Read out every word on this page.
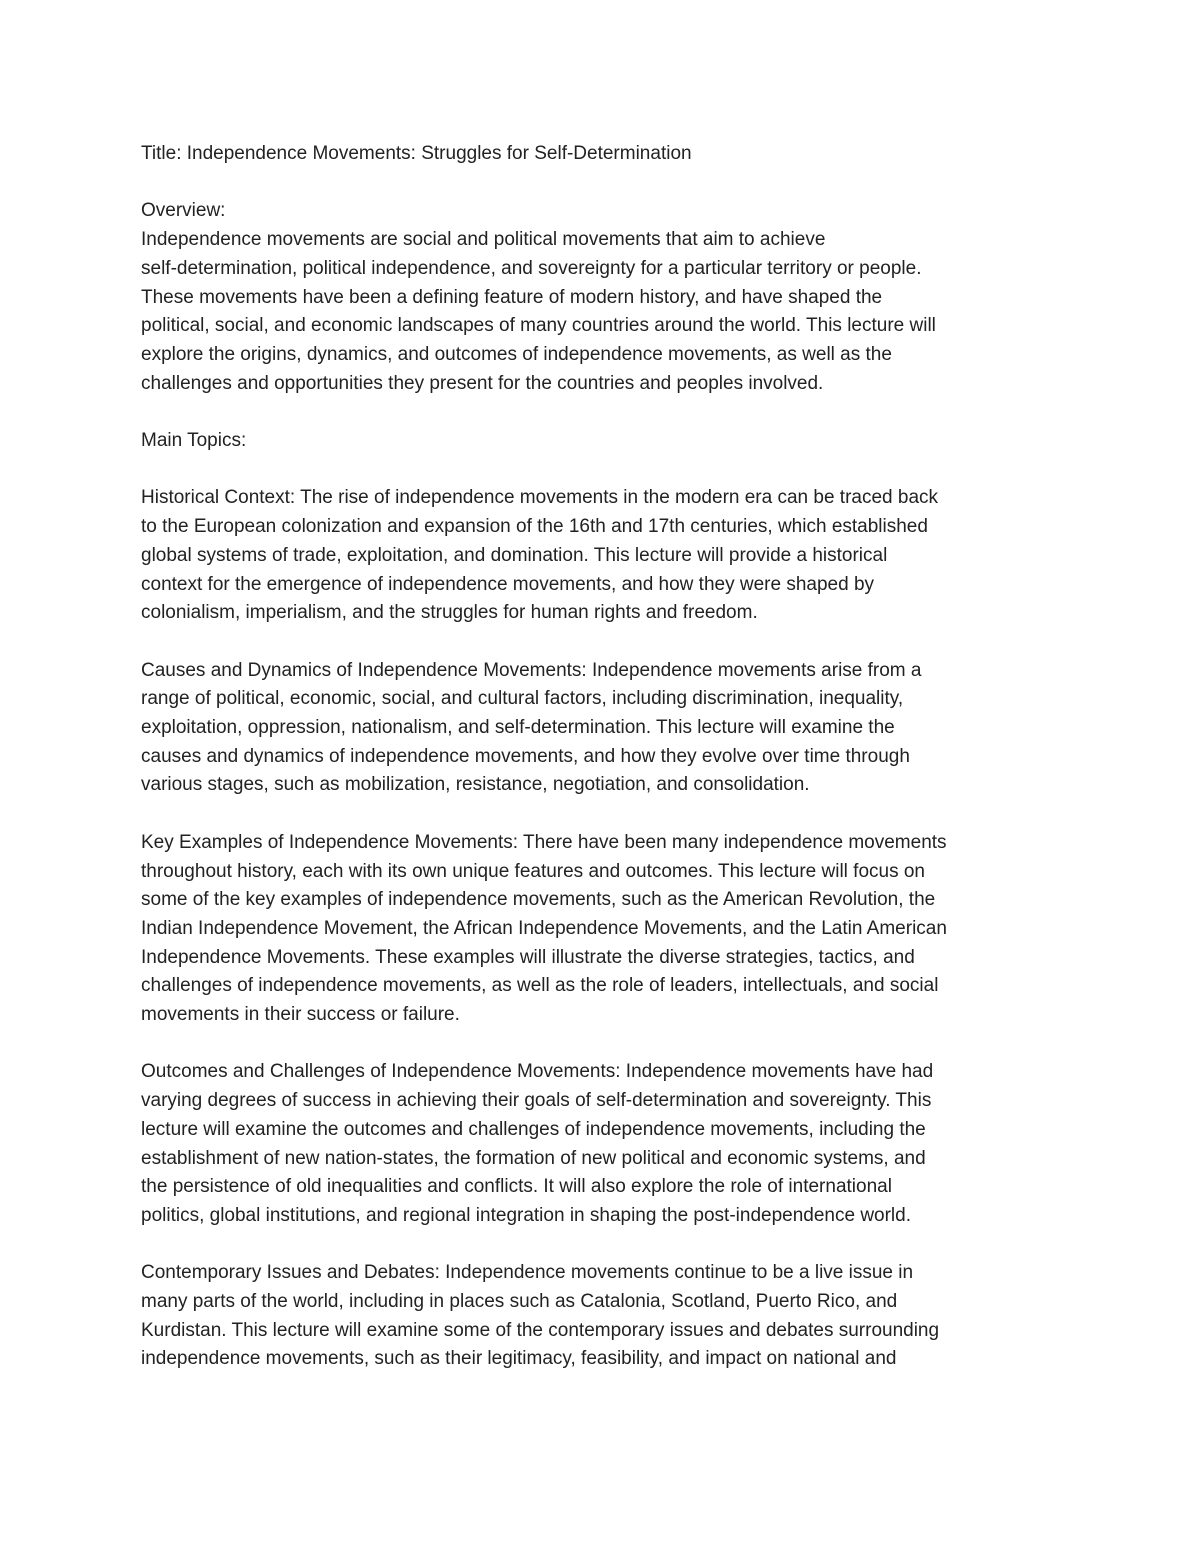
Title: Independence Movements: Struggles for Self-Determination

Overview:

Independence movements are social and political movements that aim to achieve

self-determination, political independence, and sovereignty for a particular territory or people.

These movements have been a defining feature of modern history, and have shaped the

political, social, and economic landscapes of many countries around the world. This lecture will

explore the origins, dynamics, and outcomes of independence movements, as well as the

challenges and opportunities they present for the countries and peoples involved.

Main Topics:

Historical Context: The rise of independence movements in the modern era can be traced back

to the European colonization and expansion of the 16th and 17th centuries, which established

global systems of trade, exploitation, and domination. This lecture will provide a historical

context for the emergence of independence movements, and how they were shaped by

colonialism, imperialism, and the struggles for human rights and freedom.

Causes and Dynamics of Independence Movements: Independence movements arise from a

range of political, economic, social, and cultural factors, including discrimination, inequality,

exploitation, oppression, nationalism, and self-determination. This lecture will examine the

causes and dynamics of independence movements, and how they evolve over time through

various stages, such as mobilization, resistance, negotiation, and consolidation.

Key Examples of Independence Movements: There have been many independence movements

throughout history, each with its own unique features and outcomes. This lecture will focus on

some of the key examples of independence movements, such as the American Revolution, the

Indian Independence Movement, the African Independence Movements, and the Latin American

Independence Movements. These examples will illustrate the diverse strategies, tactics, and

challenges of independence movements, as well as the role of leaders, intellectuals, and social

movements in their success or failure.

Outcomes and Challenges of Independence Movements: Independence movements have had

varying degrees of success in achieving their goals of self-determination and sovereignty. This

lecture will examine the outcomes and challenges of independence movements, including the

establishment of new nation-states, the formation of new political and economic systems, and

the persistence of old inequalities and conflicts. It will also explore the role of international

politics, global institutions, and regional integration in shaping the post-independence world.

Contemporary Issues and Debates: Independence movements continue to be a live issue in

many parts of the world, including in places such as Catalonia, Scotland, Puerto Rico, and

Kurdistan. This lecture will examine some of the contemporary issues and debates surrounding

independence movements, such as their legitimacy, feasibility, and impact on national and
